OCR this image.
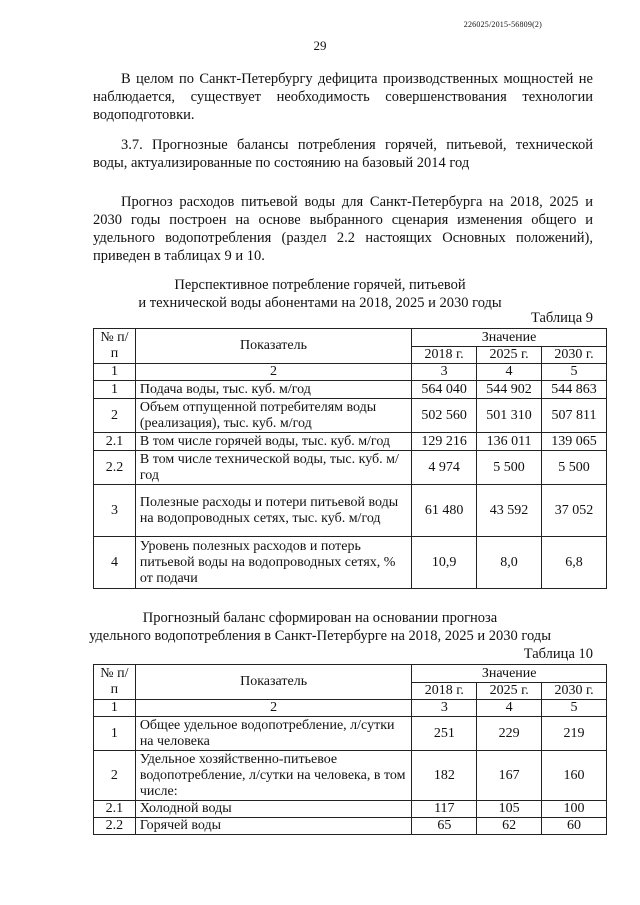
226025/2015-56809(2)
29
В целом по Санкт-Петербургу дефицита производственных мощностей не наблюдается, существует необходимость совершенствования технологии водоподготовки.
3.7. Прогнозные балансы потребления горячей, питьевой, технической воды, актуализированные по состоянию на базовый 2014 год
Прогноз расходов питьевой воды для Санкт-Петербурга на 2018, 2025 и 2030 годы построен на основе выбранного сценария изменения общего и удельного водопотребления (раздел 2.2 настоящих Основных положений), приведен в таблицах 9 и 10.
Перспективное потребление горячей, питьевой
и технической воды абонентами на 2018, 2025 и 2030 годы
Таблица 9
№ п/п	Показатель	Значение		
		2018 г.	2025 г.	2030 г.
1	2	3	4	5
1	Подача воды, тыс. куб. м/год	564 040	544 902	544 863
2	Объем отпущенной потребителям воды (реализация), тыс. куб. м/год	502 560	501 310	507 811
2.1	В том числе горячей воды, тыс. куб. м/год	129 216	136 011	139 065
2.2	В том числе технической воды, тыс. куб. м/год	4 974	5 500	5 500
3	Полезные расходы и потери питьевой воды на водопроводных сетях, тыс. куб. м/год	61 480	43 592	37 052
4	Уровень полезных расходов и потерь питьевой воды на водопроводных сетях, % от подачи	10,9	8,0	6,8
Прогнозный баланс сформирован на основании прогноза
удельного водопотребления в Санкт-Петербурге на 2018, 2025 и 2030 годы
Таблица 10
№ п/п	Показатель	Значение		
		2018 г.	2025 г.	2030 г.
1	2	3	4	5
1	Общее удельное водопотребление, л/сутки на человека	251	229	219
2	Удельное хозяйственно-питьевое водопотребление, л/сутки на человека, в том числе:	182	167	160
2.1	Холодной воды	117	105	100
2.2	Горячей воды	65	62	60
